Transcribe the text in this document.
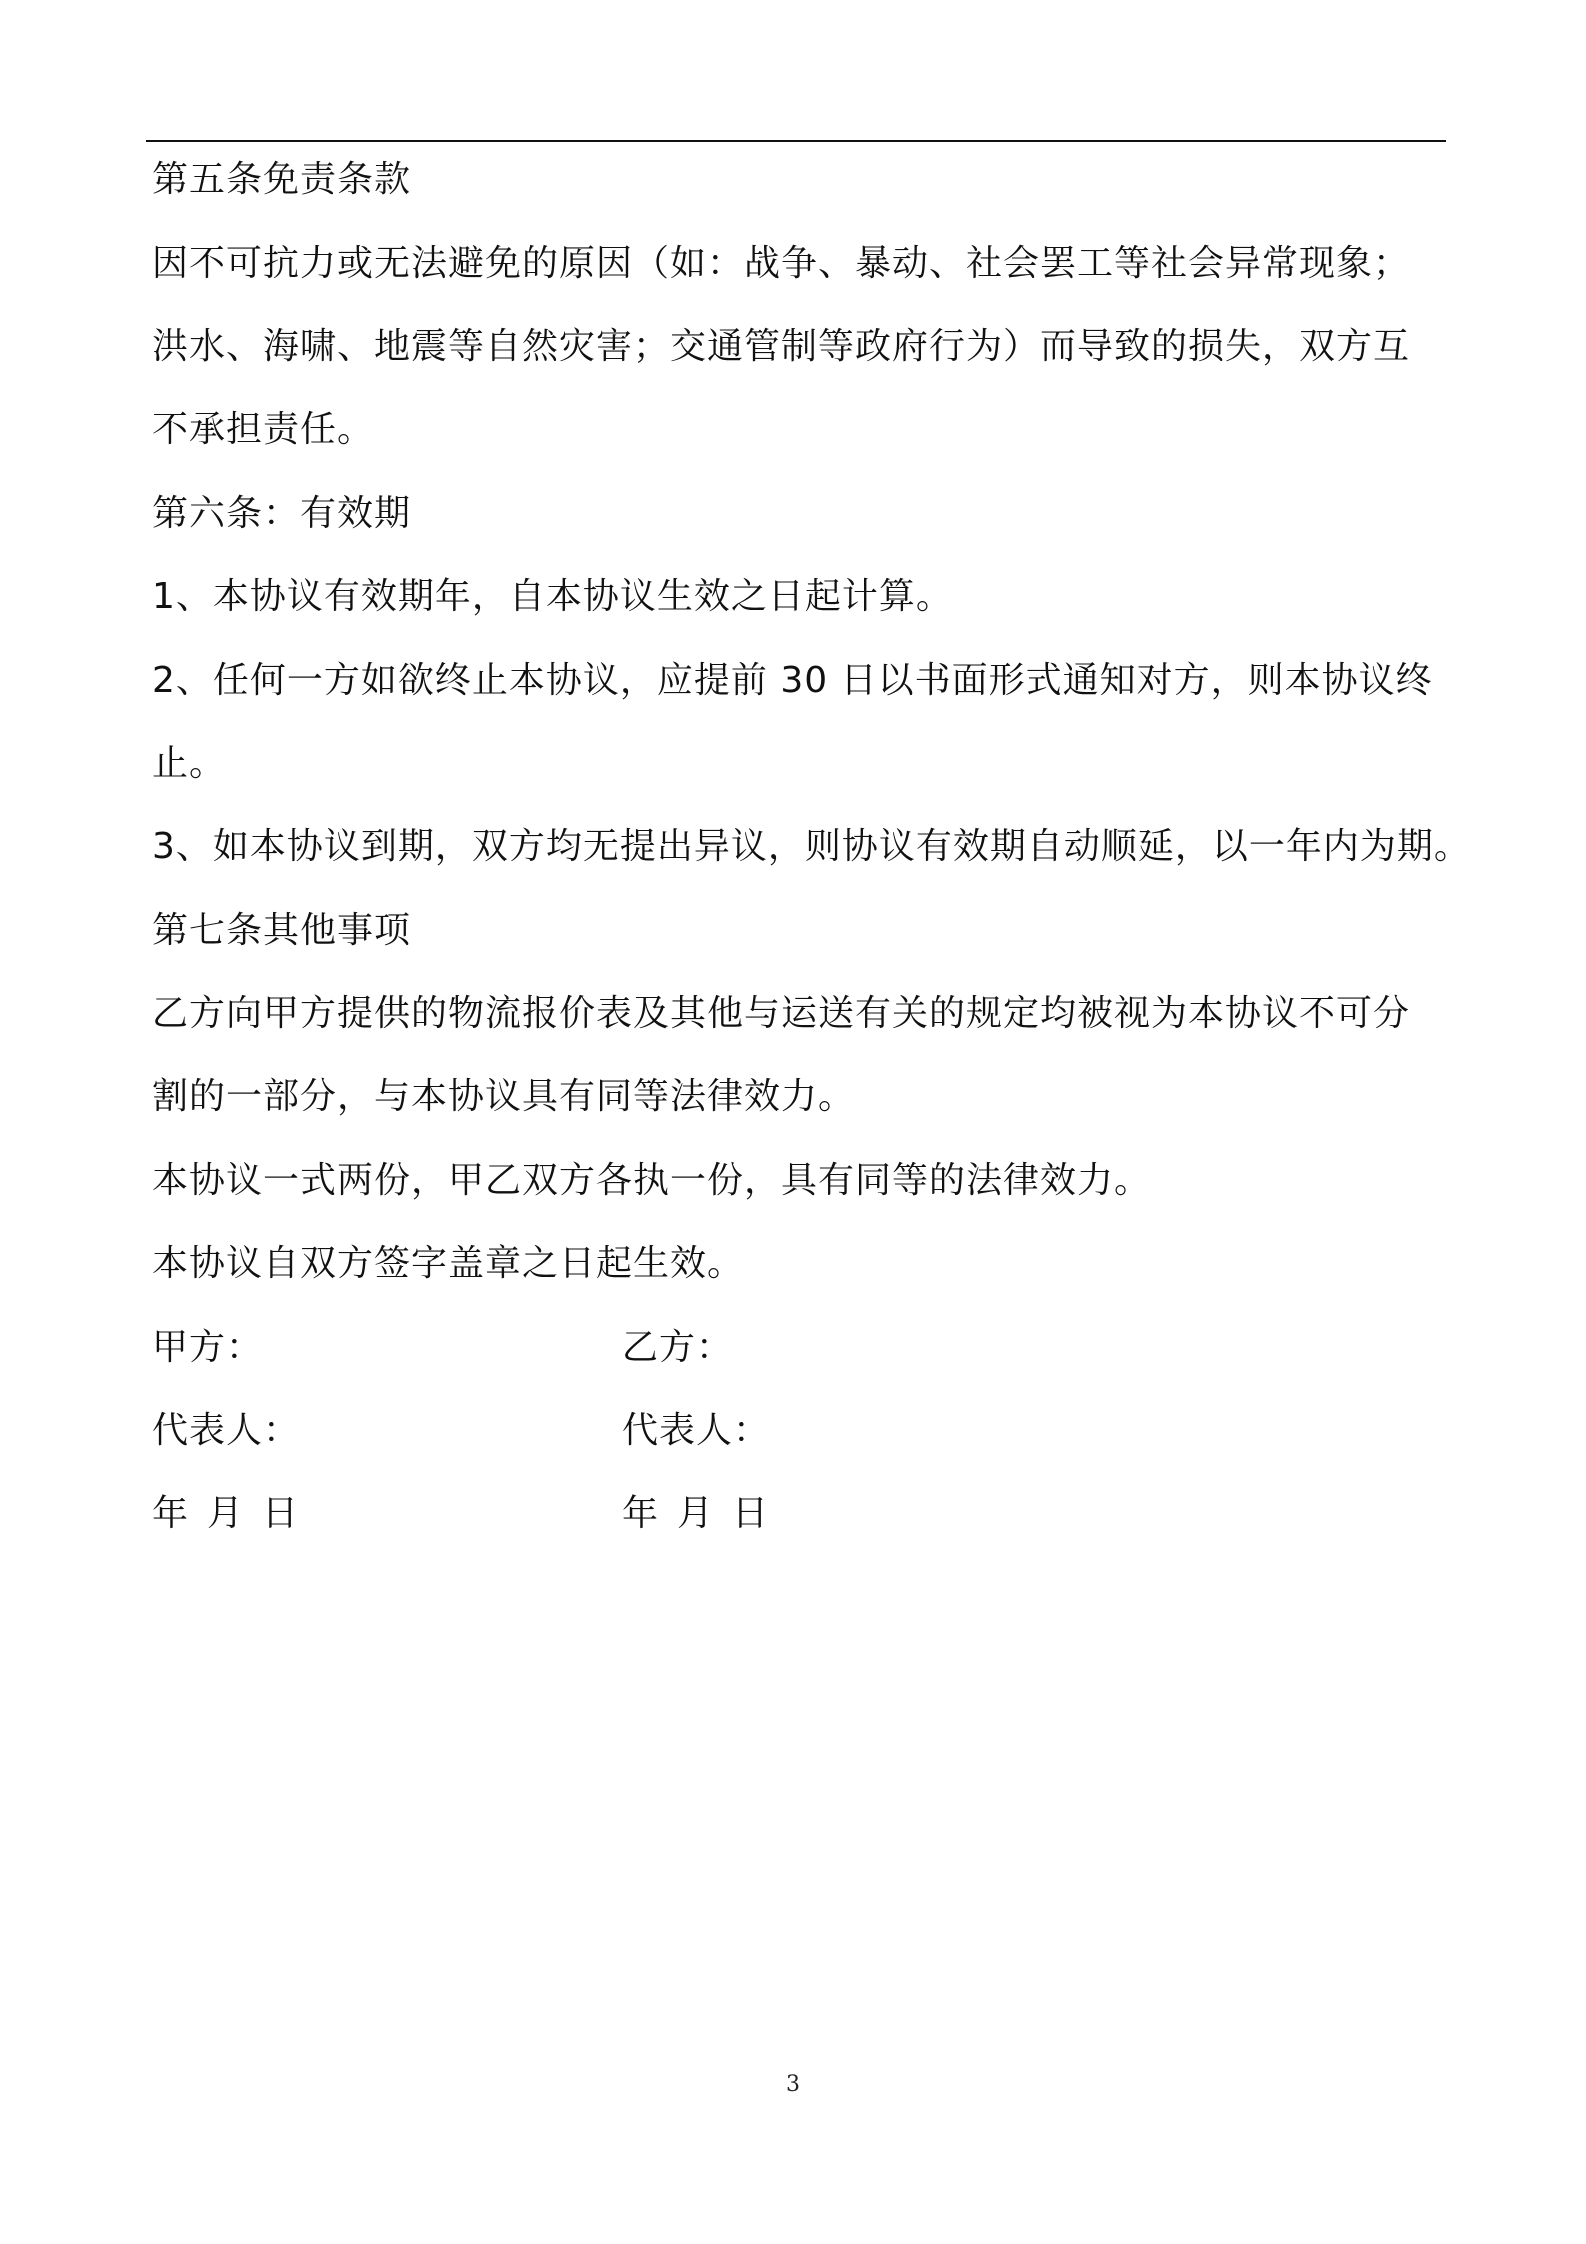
第五条免责条款
因不可抗力或无法避免的原因（如：战争、暴动、社会罢工等社会异常现象；
洪水、海啸、地震等自然灾害；交通管制等政府行为）而导致的损失，双方互
不承担责任。
第六条：有效期
1、本协议有效期年，自本协议生效之日起计算。
2、任何一方如欲终止本协议，应提前 30 日以书面形式通知对方，则本协议终
止。
3、如本协议到期，双方均无提出异议，则协议有效期自动顺延，以一年内为期。
第七条其他事项
乙方向甲方提供的物流报价表及其他与运送有关的规定均被视为本协议不可分
割的一部分，与本协议具有同等法律效力。
本协议一式两份，甲乙双方各执一份，具有同等的法律效力。
本协议自双方签字盖章之日起生效。
甲方：	乙方：
代表人：	代表人：
年 月 日	年 月 日
3
